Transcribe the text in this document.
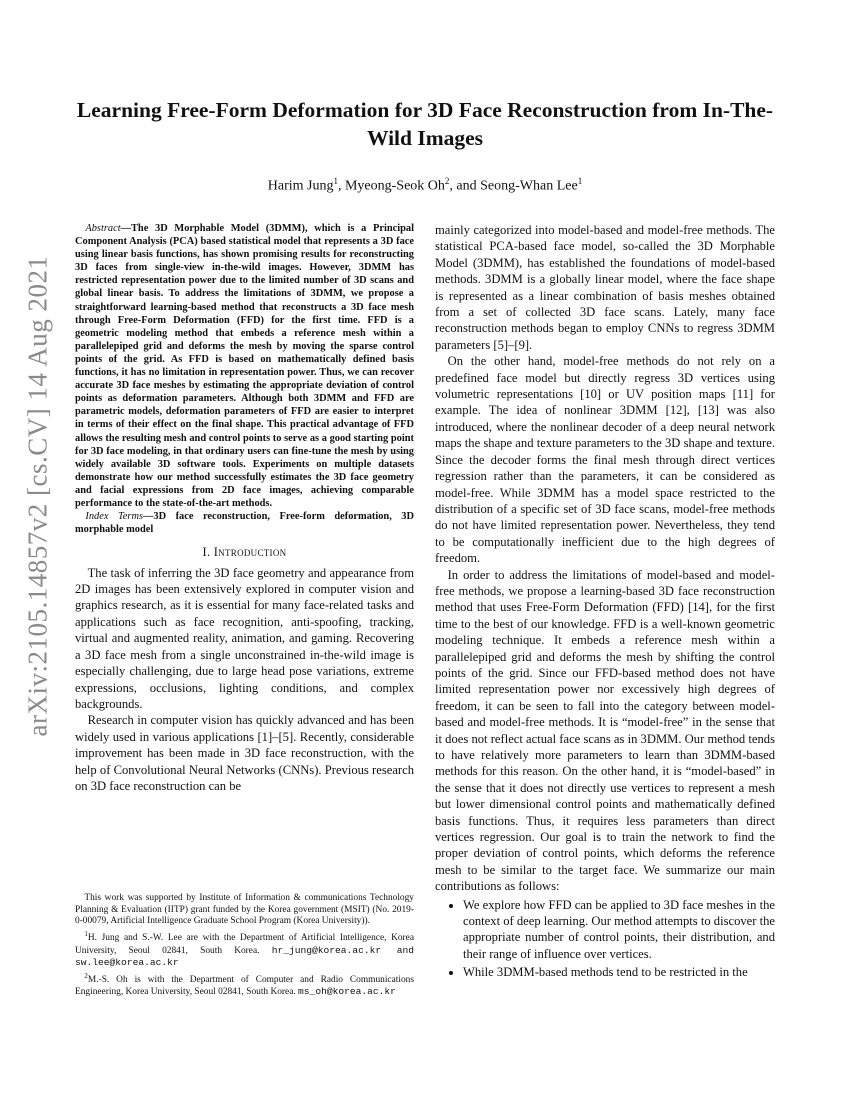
arXiv:2105.14857v2 [cs.CV] 14 Aug 2021
Learning Free-Form Deformation for 3D Face Reconstruction from In-The-Wild Images

Harim Jung$^1$, Myeong-Seok Oh$^2$, and Seong-Whan Lee$^1$

Abstract—The 3D Morphable Model (3DMM), which is a Principal Component Analysis (PCA) based statistical model that represents a 3D face using linear basis functions, has shown promising results for reconstructing 3D faces from single-view in-the-wild images. However, 3DMM has restricted representation power due to the limited number of 3D scans and global linear basis. To address the limitations of 3DMM, we propose a straightforward learning-based method that reconstructs a 3D face mesh through Free-Form Deformation (FFD) for the first time. FFD is a geometric modeling method that embeds a reference mesh within a parallelepiped grid and deforms the mesh by moving the sparse control points of the grid. As FFD is based on mathematically defined basis functions, it has no limitation in representation power. Thus, we can recover accurate 3D face meshes by estimating the appropriate deviation of control points as deformation parameters. Although both 3DMM and FFD are parametric models, deformation parameters of FFD are easier to interpret in terms of their effect on the final shape. This practical advantage of FFD allows the resulting mesh and control points to serve as a good starting point for 3D face modeling, in that ordinary users can fine-tune the mesh by using widely available 3D software tools. Experiments on multiple datasets demonstrate how our method successfully estimates the 3D face geometry and facial expressions from 2D face images, achieving comparable performance to the state-of-the-art methods.

Index Terms—3D face reconstruction, Free-form deformation, 3D morphable model

I. Introduction

The task of inferring the 3D face geometry and appearance from 2D images has been extensively explored in computer vision and graphics research, as it is essential for many face-related tasks and applications such as face recognition, anti-spoofing, tracking, virtual and augmented reality, animation, and gaming. Recovering a 3D face mesh from a single unconstrained in-the-wild image is especially challenging, due to large head pose variations, extreme expressions, occlusions, lighting conditions, and complex backgrounds.

Research in computer vision has quickly advanced and has been widely used in various applications [1]–[5]. Recently, considerable improvement has been made in 3D face reconstruction, with the help of Convolutional Neural Networks (CNNs). Previous research on 3D face reconstruction can be

This work was supported by Institute of Information & communications Technology Planning & Evaluation (IITP) grant funded by the Korea government (MSIT) (No. 2019-0-00079, Artificial Intelligence Graduate School Program (Korea University)).

$^1$H. Jung and S.-W. Lee are with the Department of Artificial Intelligence, Korea University, Seoul 02841, South Korea. hr_jung@korea.ac.kr and sw.lee@korea.ac.kr

$^2$M.-S. Oh is with the Department of Computer and Radio Communications Engineering, Korea University, Seoul 02841, South Korea. ms_oh@korea.ac.kr

mainly categorized into model-based and model-free methods. The statistical PCA-based face model, so-called the 3D Morphable Model (3DMM), has established the foundations of model-based methods. 3DMM is a globally linear model, where the face shape is represented as a linear combination of basis meshes obtained from a set of collected 3D face scans. Lately, many face reconstruction methods began to employ CNNs to regress 3DMM parameters [5]–[9].

On the other hand, model-free methods do not rely on a predefined face model but directly regress 3D vertices using volumetric representations [10] or UV position maps [11] for example. The idea of nonlinear 3DMM [12], [13] was also introduced, where the nonlinear decoder of a deep neural network maps the shape and texture parameters to the 3D shape and texture. Since the decoder forms the final mesh through direct vertices regression rather than the parameters, it can be considered as model-free. While 3DMM has a model space restricted to the distribution of a specific set of 3D face scans, model-free methods do not have limited representation power. Nevertheless, they tend to be computationally inefficient due to the high degrees of freedom.

In order to address the limitations of model-based and model-free methods, we propose a learning-based 3D face reconstruction method that uses Free-Form Deformation (FFD) [14], for the first time to the best of our knowledge. FFD is a well-known geometric modeling technique. It embeds a reference mesh within a parallelepiped grid and deforms the mesh by shifting the control points of the grid. Since our FFD-based method does not have limited representation power nor excessively high degrees of freedom, it can be seen to fall into the category between model-based and model-free methods. It is “model-free” in the sense that it does not reflect actual face scans as in 3DMM. Our method tends to have relatively more parameters to learn than 3DMM-based methods for this reason. On the other hand, it is “model-based” in the sense that it does not directly use vertices to represent a mesh but lower dimensional control points and mathematically defined basis functions. Thus, it requires less parameters than direct vertices regression. Our goal is to train the network to find the proper deviation of control points, which deforms the reference mesh to be similar to the target face. We summarize our main contributions as follows:

• We explore how FFD can be applied to 3D face meshes in the context of deep learning. Our method attempts to discover the appropriate number of control points, their distribution, and their range of influence over vertices.
• While 3DMM-based methods tend to be restricted in the
